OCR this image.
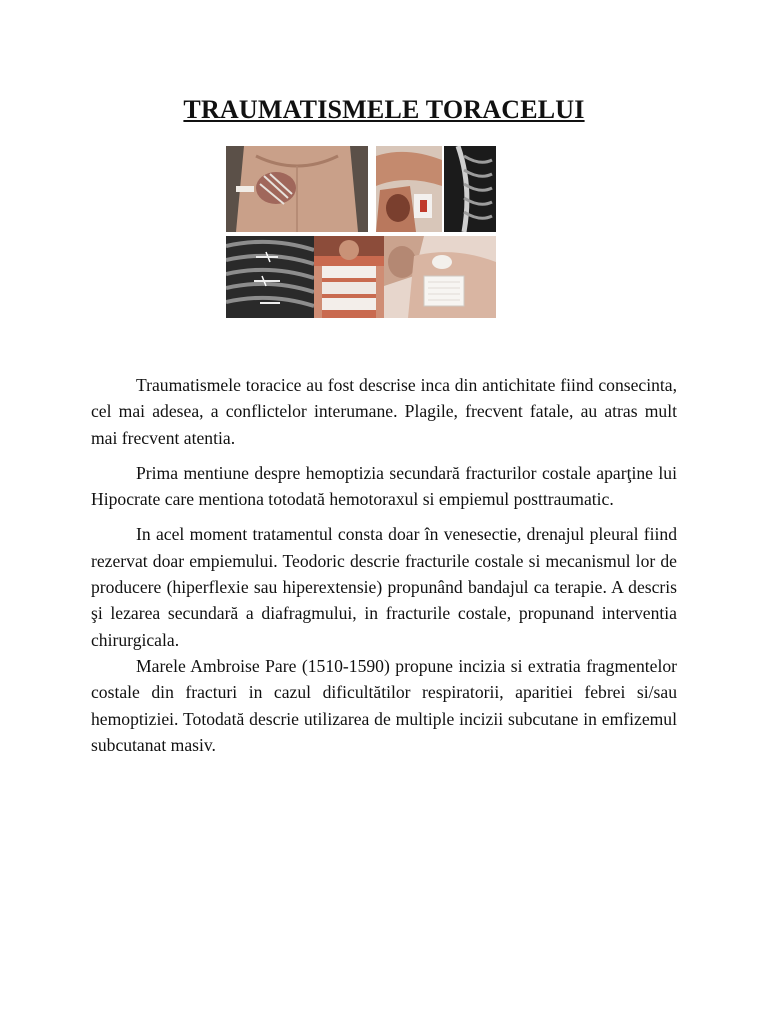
TRAUMATISMELE TORACELUI

Traumatismele toracice au fost descrise inca din antichitate fiind consecinta, cel mai adesea, a conflictelor interumane. Plagile, frecvent fatale, au atras mult mai frecvent atentia.

Prima mentiune despre hemoptizia secundară fracturilor costale aparţine lui Hipocrate care mentiona totodată hemotoraxul si empiemul posttraumatic.

In acel moment tratamentul consta doar în venesectie, drenajul pleural fiind rezervat doar empiemului. Teodoric descrie fracturile costale si mecanismul lor de producere (hiperflexie sau hiperextensie) propunând bandajul ca terapie. A descris şi lezarea secundară a diafragmului, in fracturile costale, propunand interventia chirurgicala.

Marele Ambroise Pare (1510-1590) propune incizia si extratia fragmentelor costale din fracturi in cazul dificultătilor respiratorii, aparitiei febrei si/sau hemoptiziei. Totodată descrie utilizarea de multiple incizii subcutane in emfizemul subcutanat masiv.
